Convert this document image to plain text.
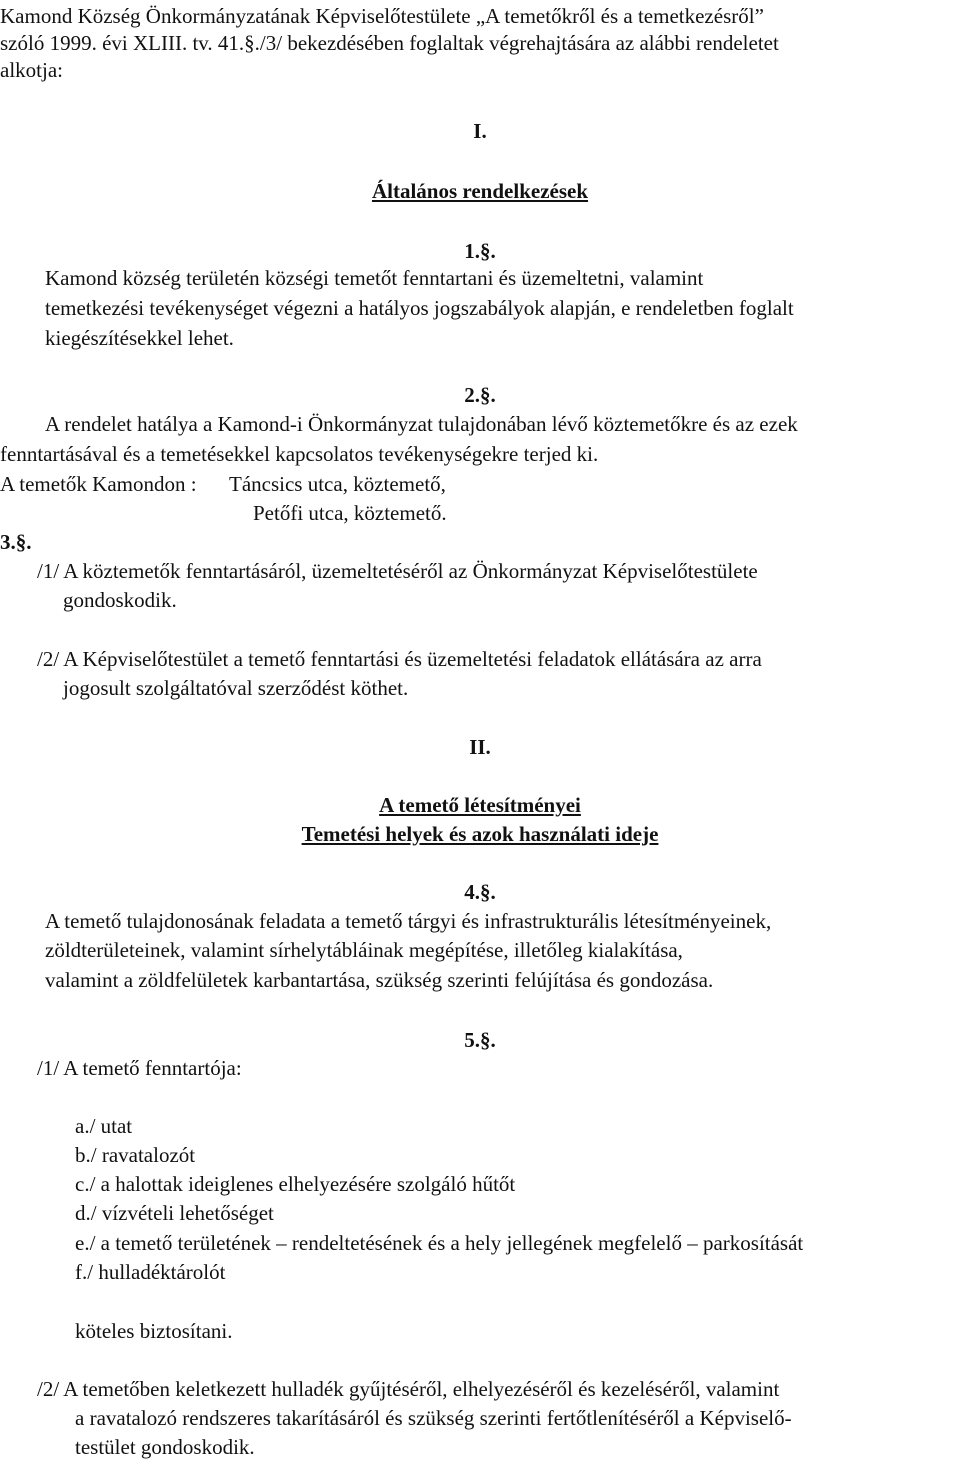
Kamond Község Önkormányzatának Képviselőtestülete „A temetőkről és a temetkezésről”
szóló 1999. évi XLIII. tv. 41.§./3/ bekezdésében foglaltak végrehajtására az alábbi rendeletet
alkotja:
I.
Általános rendelkezések
1.§.
Kamond község területén községi temetőt fenntartani és üzemeltetni, valamint
temetkezési tevékenységet végezni a hatályos jogszabályok alapján, e rendeletben foglalt
kiegészítésekkel lehet.
2.§.
A rendelet hatálya a Kamond-i Önkormányzat tulajdonában lévő köztemetőkre és az ezek
fenntartásával és a temetésekkel kapcsolatos tevékenységekre terjed ki.
A temetők Kamondon : Táncsics utca, köztemető,
Petőfi utca, köztemető.
3.§.
/1/ A köztemetők fenntartásáról, üzemeltetéséről az Önkormányzat Képviselőtestülete
gondoskodik.
/2/ A Képviselőtestület a temető fenntartási és üzemeltetési feladatok ellátására az arra
jogosult szolgáltatóval szerződést köthet.
II.
A temető létesítményei
Temetési helyek és azok használati ideje
4.§.
A temető tulajdonosának feladata a temető tárgyi és infrastrukturális létesítményeinek,
zöldterületeinek, valamint sírhelytábláinak megépítése, illetőleg kialakítása,
valamint a zöldfelületek karbantartása, szükség szerinti felújítása és gondozása.
5.§.
/1/ A temető fenntartója:
a./ utat
b./ ravatalozót
c./ a halottak ideiglenes elhelyezésére szolgáló hűtőt
d./ vízvételi lehetőséget
e./ a temető területének – rendeltetésének és a hely jellegének megfelelő – parkosítását
f./ hulladéktárolót
köteles biztosítani.
/2/ A temetőben keletkezett hulladék gyűjtéséről, elhelyezéséről és kezeléséről, valamint
a ravatalozó rendszeres takarításáról és szükség szerinti fertőtlenítéséről a Képviselő-
testület gondoskodik.
